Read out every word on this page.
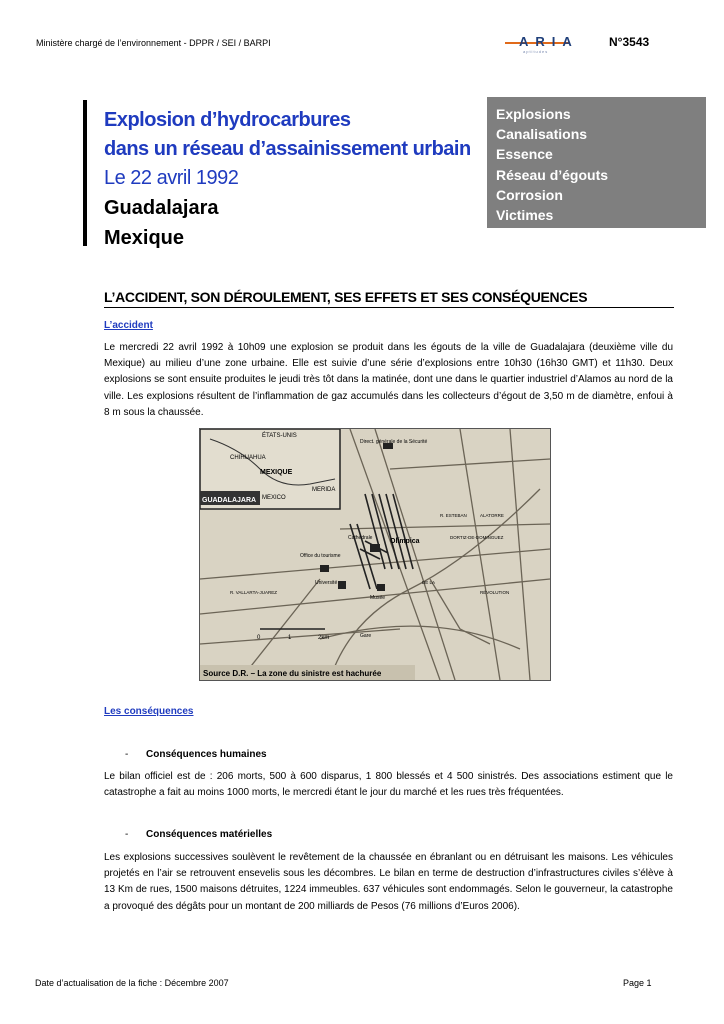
Ministère chargé de l’environnement - DPPR / SEI / BARPI	ARIA
aptitudes
N°3543
Explosion d’hydrocarbures
dans un réseau d’assainissement urbain
Le 22 avril 1992
Guadalajara
Mexique
Explosions
Canalisations
Essence
Réseau d’égouts
Corrosion
Victimes
L’ACCIDENT, SON DÉROULEMENT, SES EFFETS ET SES CONSÉQUENCES
L’accident
Le mercredi 22 avril 1992 à 10h09 une explosion se produit dans les égouts de la ville de Guadalajara (deuxième ville du Mexique) au milieu d’une zone urbaine. Elle est suivie d’une série d’explosions entre 10h30 (16h30 GMT) et 11h30. Deux explosions se sont ensuite produites le jeudi très tôt dans la matinée, dont une dans le quartier industriel d’Alamos au nord de la ville. Les explosions résultent de l’inflammation de gaz accumulés dans les collecteurs d’égout de 3,50 m de diamètre, enfoui à 8 m sous la chaussée.
ÉTATS-UNIS
CHIHUAHUA
MEXIQUE
GUADALAJARA MEXICO
MERIDA
Direct. générale de la Sécurité
Cathédrale	Olímpica
Office du tourisme
Université
Musée
Gare
R. ESTEBAN	ALATORRE
DORTIZ-DE-DOMINGUEZ
DE LA
RÉVOLUTION
R. VALLARTA-JUAREZ
0	1	2km
Source D.R. – La zone du sinistre est hachurée
Les conséquences
- Conséquences humaines
Le bilan officiel est de : 206 morts, 500 à 600 disparus, 1 800 blessés et 4 500 sinistrés. Des associations estiment que le catastrophe a fait au moins 1000 morts, le mercredi étant le jour du marché et les rues très fréquentées.
- Conséquences matérielles
Les explosions successives soulèvent le revêtement de la chaussée en ébranlant ou en détruisant les maisons. Les véhicules projetés en l’air se retrouvent ensevelis sous les décombres. Le bilan en terme de destruction d’infrastructures civiles s’élève à 13 Km de rues, 1500 maisons détruites, 1224 immeubles. 637 véhicules sont endommagés. Selon le gouverneur, la catastrophe a provoqué des dégâts pour un montant de 200 milliards de Pesos (76 millions d’Euros 2006).
Date d’actualisation de la fiche : Décembre 2007	Page 1
